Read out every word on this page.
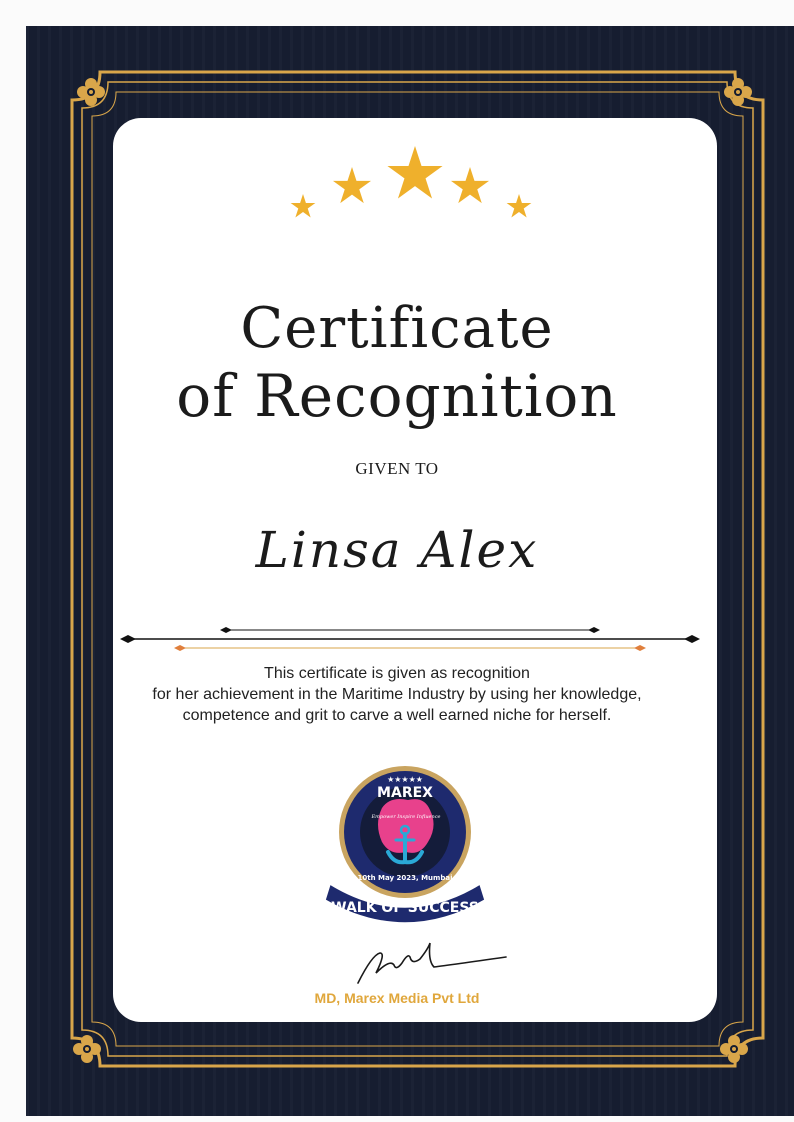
Certificate
of Recognition
GIVEN TO
Linsa Alex
This certificate is given as recognition
for her achievement in the Maritime Industry by using her knowledge,
competence and grit to carve a well earned niche for herself.
★★★★★
MAREX
Empower Inspire Influence
10th May 2023, Mumbai
WALK OF SUCCESS
MD, Marex Media Pvt Ltd
